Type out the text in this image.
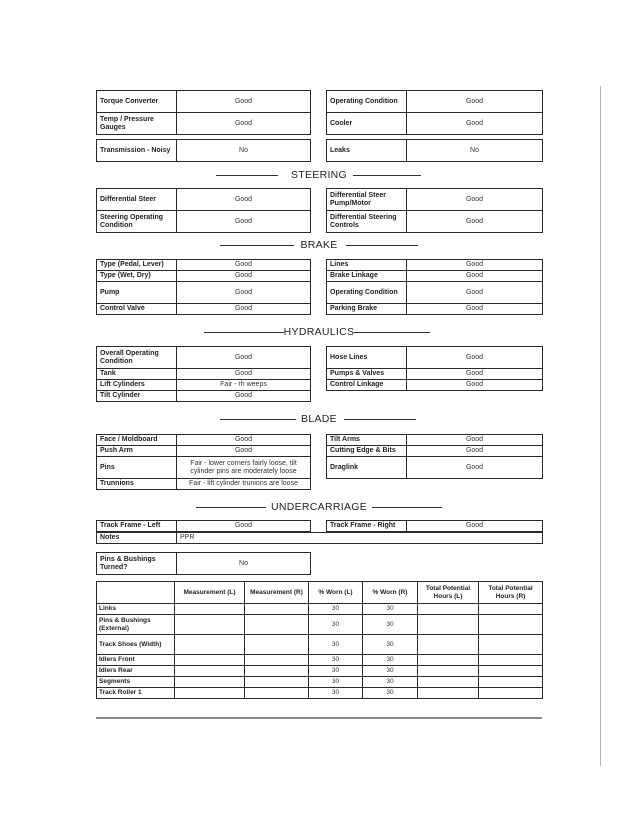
Torque Converter	Good		Operating Condition	Good
Temp / Pressure Gauges	Good		Cooler	Good
Transmission - Noisy	No		Leaks	No
STEERING
Differential Steer	Good		Differential Steer Pump/Motor	Good
Steering Operating Condition	Good		Differential Steering Controls	Good
BRAKE
Type (Pedal, Lever)	Good		Lines	Good
Type (Wet, Dry)	Good		Brake Linkage	Good
Pump	Good		Operating Condition	Good
Control Valve	Good		Parking Brake	Good
HYDRAULICS
Overall Operating Condition	Good
Tank	Good
Lift Cylinders	Fair - rh weeps
Tilt Cylinder	Good
Hose Lines	Good
Pumps & Valves	Good
Control Linkage	Good
BLADE
Face / Moldboard	Good
Push Arm	Good
Pins	Fair - lower corners fairly loose, tilt cylinder pins are moderately loose
Trunnions	Fair - lift cylinder trunions are loose
Tilt Arms	Good
Cutting Edge & Bits	Good
Draglink	Good
UNDERCARRIAGE
Track Frame - Left	Good		Track Frame - Right	Good
Notes	PPR
Pins & Bushings Turned?	No
	Measurement (L)	Measurement (R)	% Worn (L)	% Worn (R)	Total Potential Hours (L)	Total Potential Hours (R)
Links			30	30		
Pins & Bushings (External)			30	30		
Track Shoes (Width)			30	30		
Idlers Front			30	30		
Idlers Rear			30	30		
Segments			30	30		
Track Roller 1			30	30		
